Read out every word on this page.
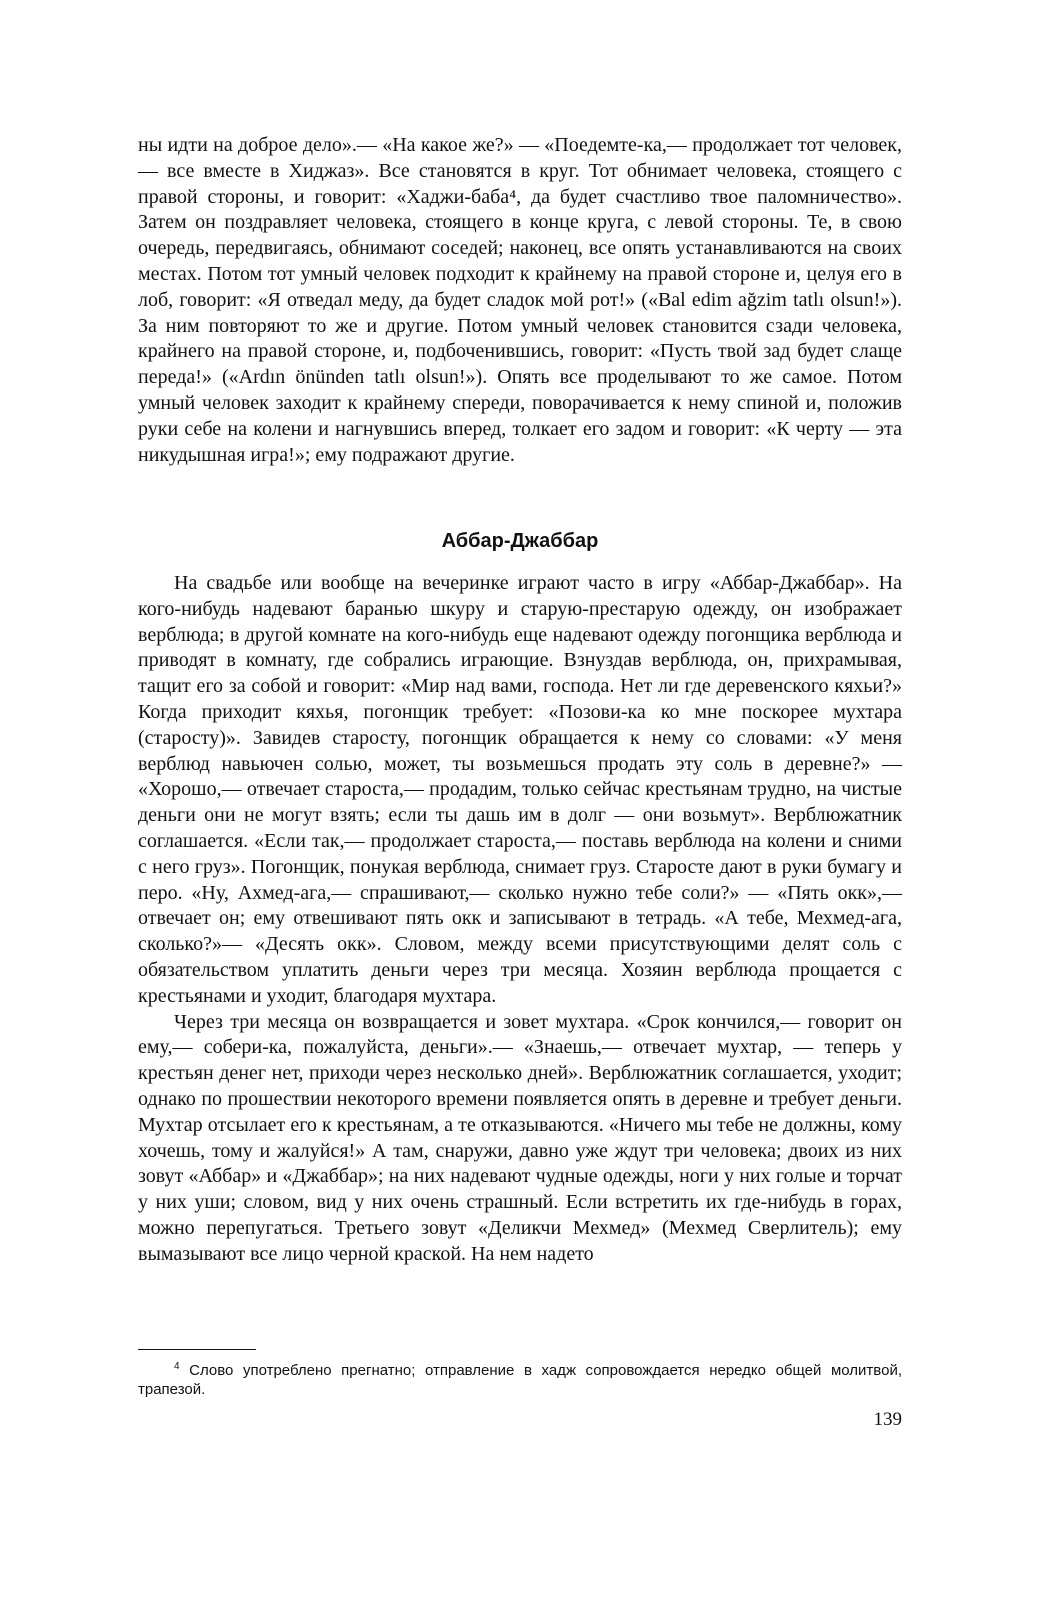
ны идти на доброе дело».— «На какое же?» — «Поедемте-ка,— продолжает тот человек,— все вместе в Хиджаз». Все становятся в круг. Тот обнимает человека, стоящего с правой стороны, и говорит: «Хаджи-баба⁴, да будет счастливо твое паломничество». Затем он поздравляет человека, стоящего в конце круга, с левой стороны. Те, в свою очередь, передвигаясь, обнимают соседей; наконец, все опять устанавливаются на своих местах. Потом тот умный человек подходит к крайнему на правой стороне и, целуя его в лоб, говорит: «Я отведал меду, да будет сладок мой рот!» («Bal edim ağzim tatlı olsun!»). За ним повторяют то же и другие. Потом умный человек становится сзади человека, крайнего на правой стороне, и, подбоченившись, говорит: «Пусть твой зад будет слаще переда!» («Ardın önünden tatlı olsun!»). Опять все проделывают то же самое. Потом умный человек заходит к крайнему спереди, поворачивается к нему спиной и, положив руки себе на колени и нагнувшись вперед, толкает его задом и говорит: «К черту — эта никудышная игра!»; ему подражают другие.
Аббар-Джаббар

На свадьбе или вообще на вечеринке играют часто в игру «Аббар-Джаббар». На кого-нибудь надевают баранью шкуру и старую-престарую одежду, он изображает верблюда; в другой комнате на кого-нибудь еще надевают одежду погонщика верблюда и приводят в комнату, где собрались играющие. Взнуздав верблюда, он, прихрамывая, тащит его за собой и говорит: «Мир над вами, господа. Нет ли где деревенского кяхьи?» Когда приходит кяхья, погонщик требует: «Позови-ка ко мне поскорее мухтара (старосту)». Завидев старосту, погонщик обращается к нему со словами: «У меня верблюд навьючен солью, может, ты возьмешься продать эту соль в деревне?» — «Хорошо,— отвечает староста,— продадим, только сейчас крестьянам трудно, на чистые деньги они не могут взять; если ты дашь им в долг — они возьмут». Верблюжатник соглашается. «Если так,— продолжает староста,— поставь верблюда на колени и сними с него груз». Погонщик, понукая верблюда, снимает груз. Старосте дают в руки бумагу и перо. «Ну, Ахмед-ага,— спрашивают,— сколько нужно тебе соли?» — «Пять окк»,— отвечает он; ему отвешивают пять окк и записывают в тетрадь. «А тебе, Мехмед-ага, сколько?»— «Десять окк». Словом, между всеми присутствующими делят соль с обязательством уплатить деньги через три месяца. Хозяин верблюда прощается с крестьянами и уходит, благодаря мухтара.

Через три месяца он возвращается и зовет мухтара. «Срок кончился,— говорит он ему,— собери-ка, пожалуйста, деньги».— «Знаешь,— отвечает мухтар, — теперь у крестьян денег нет, приходи через несколько дней». Верблюжатник соглашается, уходит; однако по прошествии некоторого времени появляется опять в деревне и требует деньги. Мухтар отсылает его к крестьянам, а те отказываются. «Ничего мы тебе не должны, кому хочешь, тому и жалуйся!» А там, снаружи, давно уже ждут три человека; двоих из них зовут «Аббар» и «Джаббар»; на них надевают чудные одежды, ноги у них голые и торчат у них уши; словом, вид у них очень страшный. Если встретить их где-нибудь в горах, можно перепугаться. Третьего зовут «Деликчи Мехмед» (Мехмед Сверлитель); ему вымазывают все лицо черной краской. На нем надето

$^4$ Слово употреблено прегнатно; отправление в хадж сопровождается нередко общей молитвой, трапезой.
139
